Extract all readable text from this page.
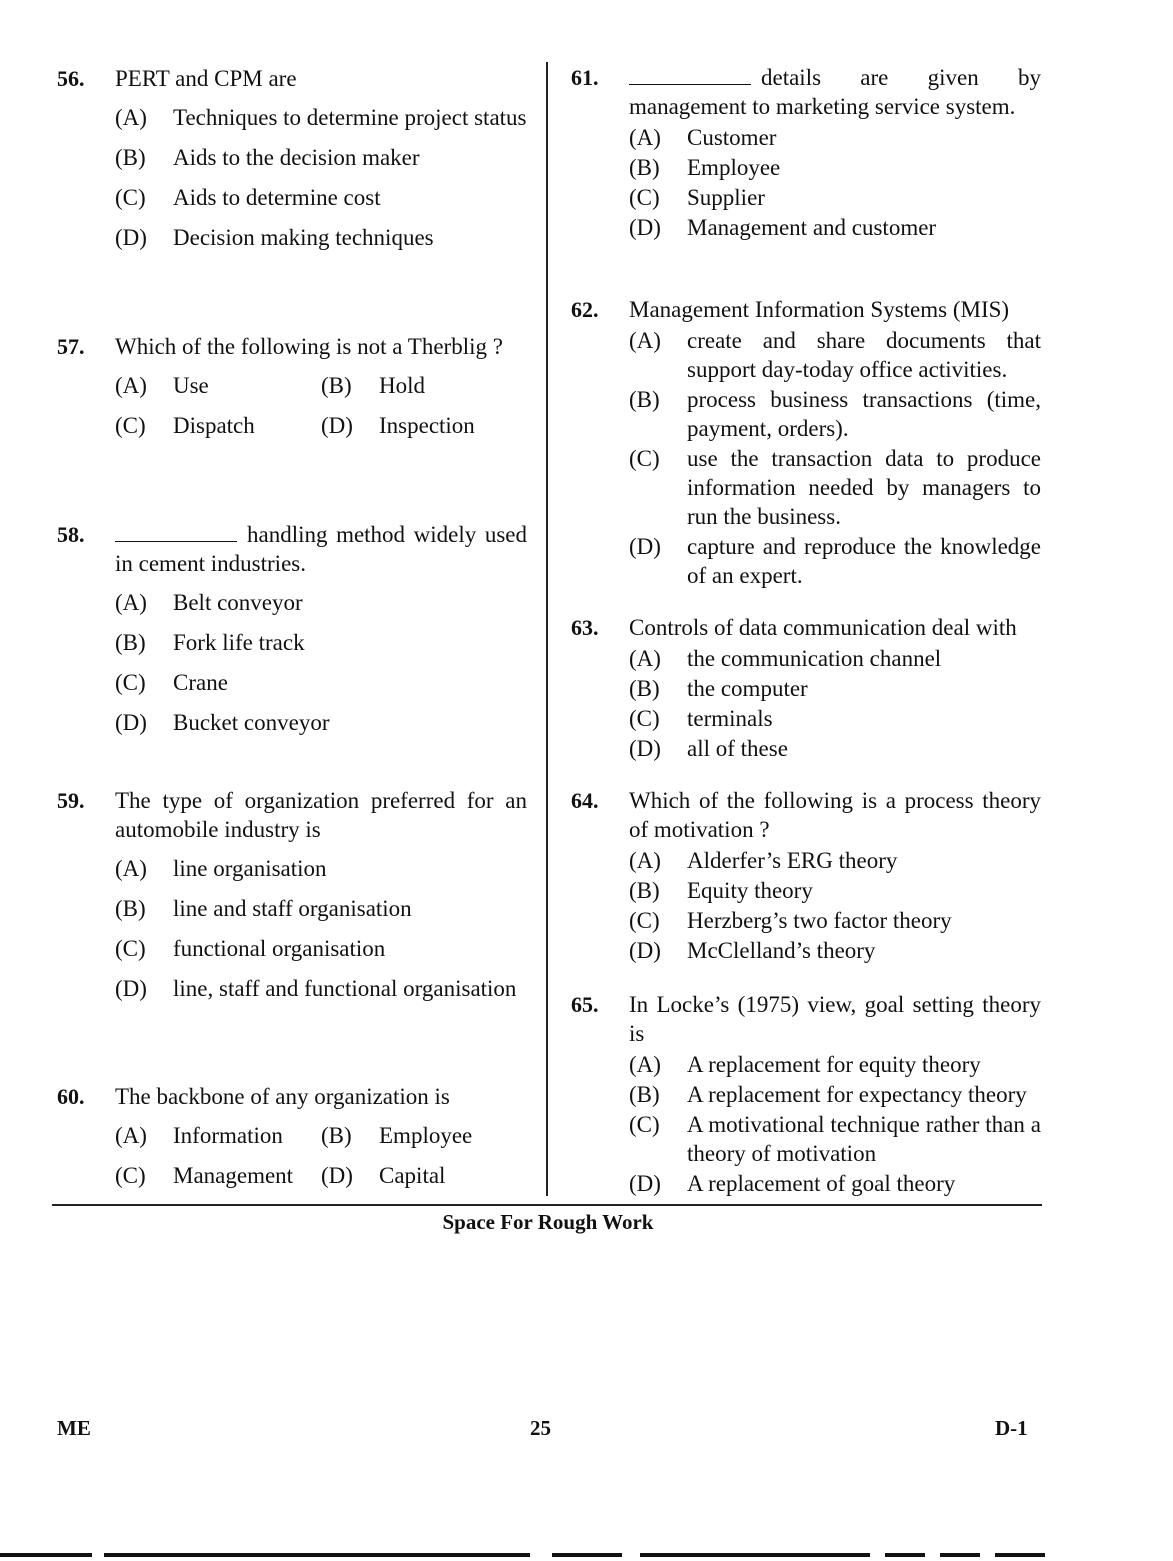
56. PERT and CPM are
(A)	Techniques to determine project status
(B)	Aids to the decision maker
(C)	Aids to determine cost
(D)	Decision making techniques
57. Which of the following is not a Therblig ?
(A)	Use	(B)	Hold
(C)	Dispatch	(D)	Inspection
58.	handling method widely used in cement industries.
(A)	Belt conveyor
(B)	Fork life track
(C)	Crane
(D)	Bucket conveyor
59. The type of organization preferred for an automobile industry is
(A)	line organisation
(B)	line and staff organisation
(C)	functional organisation
(D)	line, staff and functional organisation
60. The backbone of any organization is
(A)	Information (B)	Employee
(C)	Management (D)	Capital
61.	details are given by management to marketing service system.
(A)	Customer
(B)	Employee
(C)	Supplier
(D)	Management and customer
62. Management Information Systems (MIS)
(A)	create and share documents that support day-today office activities.
(B)	process business transactions (time, payment, orders).
(C)	use the transaction data to produce information needed by managers to run the business.
(D)	capture and reproduce the knowledge of an expert.
63. Controls of data communication deal with
(A)	the communication channel
(B)	the computer
(C)	terminals
(D)	all of these
64. Which of the following is a process theory of motivation ?
(A)	Alderfer’s ERG theory
(B)	Equity theory
(C)	Herzberg’s two factor theory
(D)	McClelland’s theory
65. In Locke’s (1975) view, goal setting theory is
(A)	A replacement for equity theory
(B)	A replacement for expectancy theory
(C)	A motivational technique rather than a theory of motivation
(D)	A replacement of goal theory
Space For Rough Work
ME	25	D-1
